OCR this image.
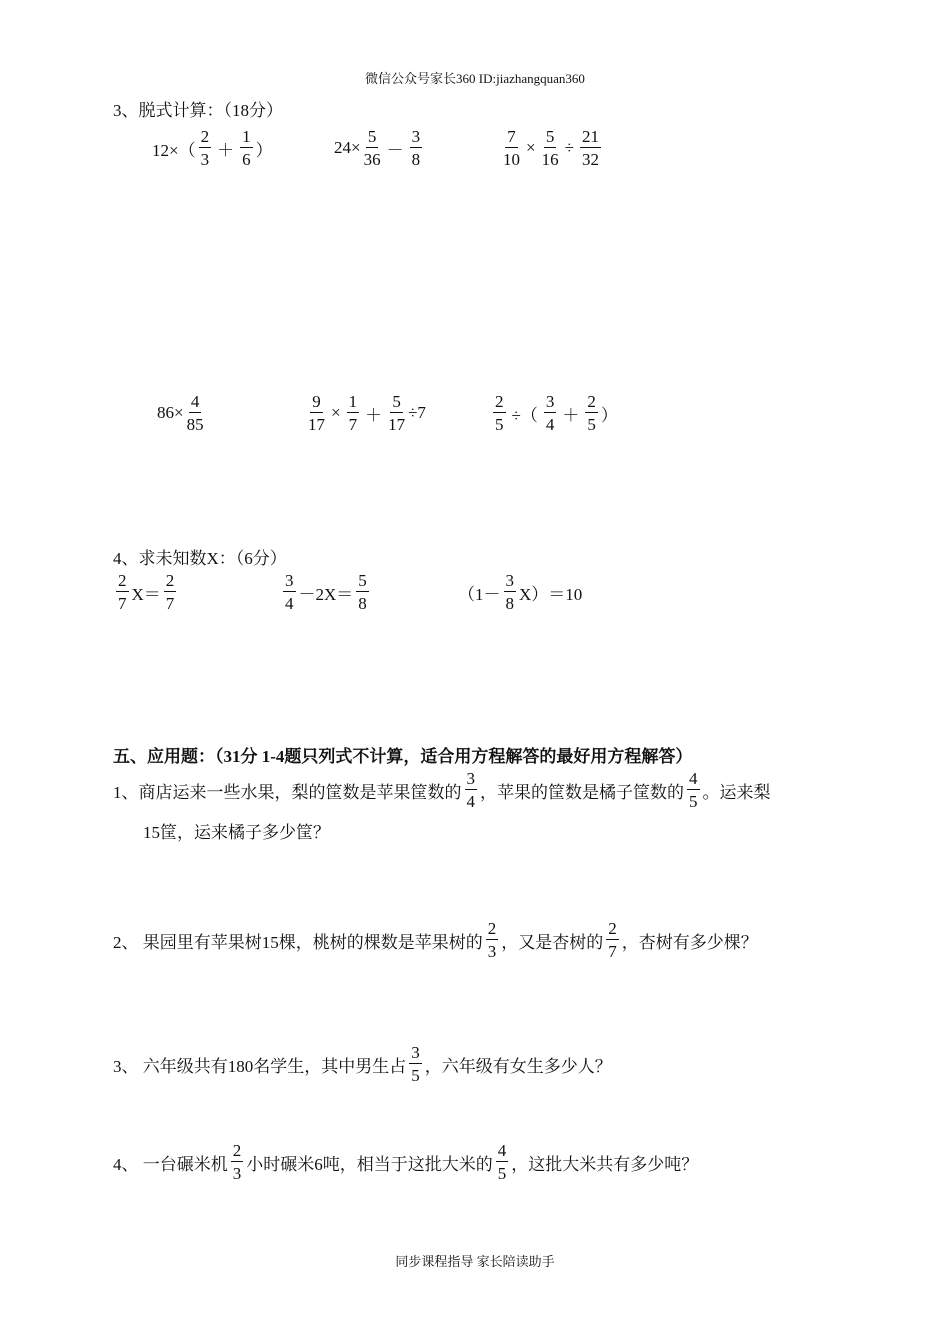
微信公众号家长360 ID:jiazhangquan360
3、脱式计算：（18分）
12×（
2
3 ＋
1
6 ）	$24\times \frac{5}{36}$ －
3
8	$\frac{7}{10} \times \frac{5}{16} \div \frac{21}{32}$
$86\times \frac{4}{85}$	$\frac{9}{17} \times \frac{1}{7} + \frac{5}{17} \div 7$	$\frac{2}{5}$ ÷（
3
4 ＋
2
5 ）
4、求未知数X：（6分）
2
7 X＝
2
7
3
4 －2X＝
5
8	（1－
3
8 X）＝10
五、应用题：（31分 1-4题只列式不计算，适合用方程解答的最好用方程解答）
1、商店运来一些水果，梨的筐数是苹果筐数的
3
4 ，苹果的筐数是橘子筐数的
4
5 。运来梨
15筐，运来橘子多少筐？
2、 果园里有苹果树15棵，桃树的棵数是苹果树的
2
3 ，又是杏树的
2
7 ，杏树有多少棵？
3、 六年级共有180名学生，其中男生占
3
5 ，六年级有女生多少人？
4、 一台碾米机
2
3 小时碾米6吨，相当于这批大米的
4
5 ，这批大米共有多少吨？
同步课程指导 家长陪读助手
